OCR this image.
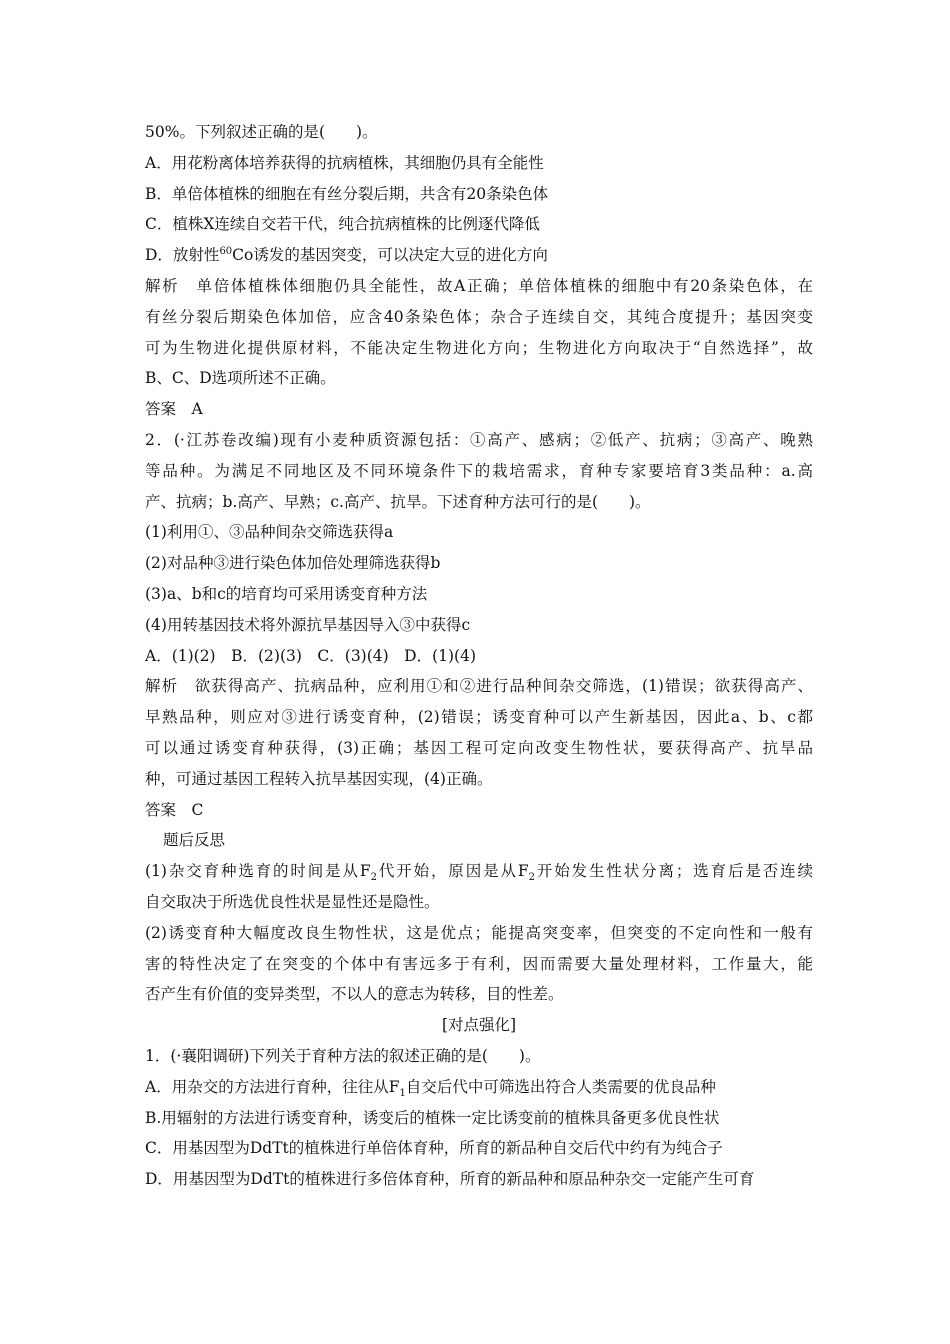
50%。下列叙述正确的是(　　)。
A．用花粉离体培养获得的抗病植株，其细胞仍具有全能性
B．单倍体植株的细胞在有丝分裂后期，共含有20条染色体
C．植株X连续自交若干代，纯合抗病植株的比例逐代降低
D．放射性$^{60}$Co诱发的基因突变，可以决定大豆的进化方向
解析　单倍体植株体细胞仍具全能性，故A正确；单倍体植株的细胞中有20条染色体，在
有丝分裂后期染色体加倍，应含40条染色体；杂合子连续自交，其纯合度提升；基因突变
可为生物进化提供原材料，不能决定生物进化方向；生物进化方向取决于“自然选择”，故
B、C、D选项所述不正确。
答案　A
2．(·江苏卷改编)现有小麦种质资源包括：①高产、感病；②低产、抗病；③高产、晚熟
等品种。为满足不同地区及不同环境条件下的栽培需求，育种专家要培育3类品种：a.高
产、抗病；b.高产、早熟；c.高产、抗旱。下述育种方法可行的是(　　)。
(1)利用①、③品种间杂交筛选获得a
(2)对品种③进行染色体加倍处理筛选获得b
(3)a、b和c的培育均可采用诱变育种方法
(4)用转基因技术将外源抗旱基因导入③中获得c
A．(1)(2)　B．(2)(3)　C．(3)(4)　D．(1)(4)
解析　欲获得高产、抗病品种，应利用①和②进行品种间杂交筛选，(1)错误；欲获得高产、
早熟品种，则应对③进行诱变育种，(2)错误；诱变育种可以产生新基因，因此a、b、c都
可以通过诱变育种获得，(3)正确；基因工程可定向改变生物性状，要获得高产、抗旱品
种，可通过基因工程转入抗旱基因实现，(4)正确。
答案　C
题后反思
(1)杂交育种选育的时间是从$F_2$代开始，原因是从$F_2$开始发生性状分离；选育后是否连续
自交取决于所选优良性状是显性还是隐性。
(2)诱变育种大幅度改良生物性状，这是优点；能提高突变率，但突变的不定向性和一般有
害的特性决定了在突变的个体中有害远多于有利，因而需要大量处理材料，工作量大，能
否产生有价值的变异类型，不以人的意志为转移，目的性差。
[对点强化]
1．(·襄阳调研)下列关于育种方法的叙述正确的是(　　)。
A．用杂交的方法进行育种，往往从$F_1$自交后代中可筛选出符合人类需要的优良品种
B.用辐射的方法进行诱变育种，诱变后的植株一定比诱变前的植株具备更多优良性状
C．用基因型为DdTt的植株进行单倍体育种，所育的新品种自交后代中约有为纯合子
D．用基因型为DdTt的植株进行多倍体育种，所育的新品种和原品种杂交一定能产生可育
